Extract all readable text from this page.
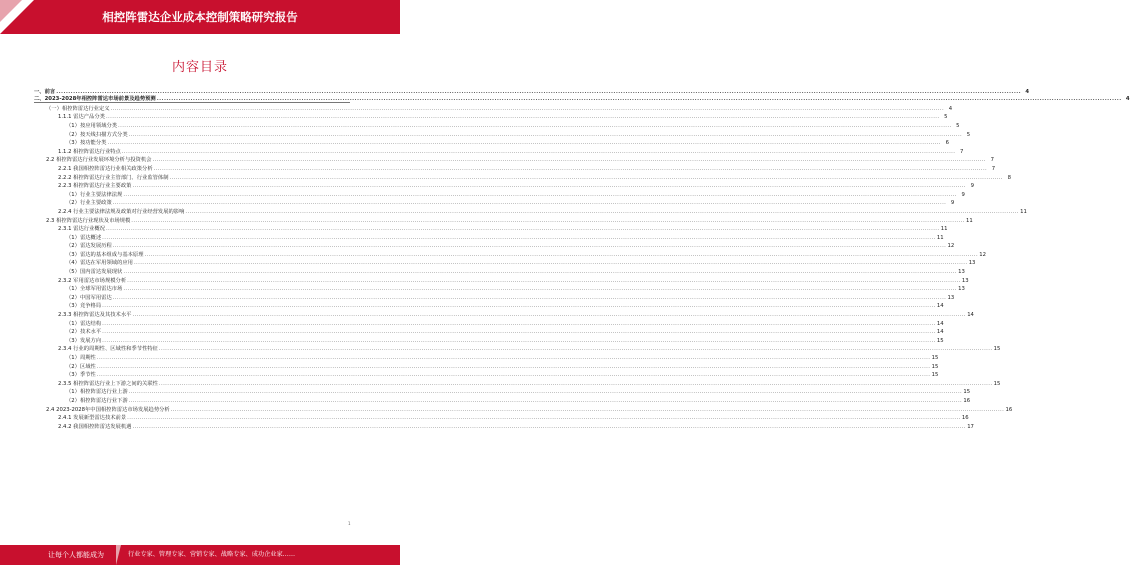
相控阵雷达企业成本控制策略研究报告
内容目录
一、前言 ................................................................................................................................................................................................................................................................................................................................................................................................................ 4
二、2023-2028年相控阵雷达市场前景及趋势预测 ................................................................................................................................................................................................................................................................................................................................................................................................................ 4
（一）相控阵雷达行业定义 ................................................................................................................................................................................................................................................................................................................................................................................................................ 4
1.1.1 雷达产品分类 ................................................................................................................................................................................................................................................................................................................................................................................................................ 5
（1）按应用领域分类 ................................................................................................................................................................................................................................................................................................................................................................................................................ 5
（2）按天线扫描方式分类 ................................................................................................................................................................................................................................................................................................................................................................................................................ 5
（3）按功能分类 ................................................................................................................................................................................................................................................................................................................................................................................................................ 6
1.1.2 相控阵雷达行业特点 ................................................................................................................................................................................................................................................................................................................................................................................................................ 7
2.2 相控阵雷达行业发展环境分析与投资机会 ................................................................................................................................................................................................................................................................................................................................................................................................................ 7
2.2.1 我国相控阵雷达行业相关政策分析 ................................................................................................................................................................................................................................................................................................................................................................................................................ 7
2.2.2 相控阵雷达行业主管部门、行业监管体制 ................................................................................................................................................................................................................................................................................................................................................................................................................ 8
2.2.3 相控阵雷达行业主要政策 ................................................................................................................................................................................................................................................................................................................................................................................................................ 9
（1）行业主要法律法规 ................................................................................................................................................................................................................................................................................................................................................................................................................ 9
（2）行业主要政策 ................................................................................................................................................................................................................................................................................................................................................................................................................ 9
2.2.4 行业主要法律法规及政策对行业经营发展的影响 ................................................................................................................................................................................................................................................................................................................................................................................................................ 11
2.3 相控阵雷达行业现状及市场规模 ................................................................................................................................................................................................................................................................................................................................................................................................................ 11
2.3.1 雷达行业概况 ................................................................................................................................................................................................................................................................................................................................................................................................................ 11
（1）雷达概述 ................................................................................................................................................................................................................................................................................................................................................................................................................ 11
（2）雷达发展历程 ................................................................................................................................................................................................................................................................................................................................................................................................................ 12
（3）雷达的基本组成与基本原理 ................................................................................................................................................................................................................................................................................................................................................................................................................ 12
（4）雷达在军用领域的应用 ................................................................................................................................................................................................................................................................................................................................................................................................................ 13
（5）国内雷达发展现状 ................................................................................................................................................................................................................................................................................................................................................................................................................ 13
2.3.2 军用雷达市场规模分析 ................................................................................................................................................................................................................................................................................................................................................................................................................ 13
（1）全球军用雷达市场 ................................................................................................................................................................................................................................................................................................................................................................................................................ 13
（2）中国军用雷达 ................................................................................................................................................................................................................................................................................................................................................................................................................ 13
（3）竞争格局 ................................................................................................................................................................................................................................................................................................................................................................................................................ 14
2.3.3 相控阵雷达及其技术水平 ................................................................................................................................................................................................................................................................................................................................................................................................................ 14
（1）雷达结构 ................................................................................................................................................................................................................................................................................................................................................................................................................ 14
（2）技术水平 ................................................................................................................................................................................................................................................................................................................................................................................................................ 14
（3）发展方向 ................................................................................................................................................................................................................................................................................................................................................................................................................ 15
2.3.4 行业的周期性、区域性和季节性特征 ................................................................................................................................................................................................................................................................................................................................................................................................................ 15
（1）周期性 ................................................................................................................................................................................................................................................................................................................................................................................................................ 15
（2）区域性 ................................................................................................................................................................................................................................................................................................................................................................................................................ 15
（3）季节性 ................................................................................................................................................................................................................................................................................................................................................................................................................ 15
2.3.5 相控阵雷达行业上下游之间的关联性 ................................................................................................................................................................................................................................................................................................................................................................................................................ 15
（1）相控阵雷达行业上游 ................................................................................................................................................................................................................................................................................................................................................................................................................ 15
（2）相控阵雷达行业下游 ................................................................................................................................................................................................................................................................................................................................................................................................................ 16
2.4 2023-2028年中国相控阵雷达市场发展趋势分析 ................................................................................................................................................................................................................................................................................................................................................................................................................ 16
2.4.1 发展新型雷达技术前景 ................................................................................................................................................................................................................................................................................................................................................................................................................ 16
2.4.2 我国相控阵雷达发展机遇 ................................................................................................................................................................................................................................................................................................................................................................................................................ 17
1
让每个人都能成为	行业专家、管理专家、营销专家、战略专家、成功企业家……
